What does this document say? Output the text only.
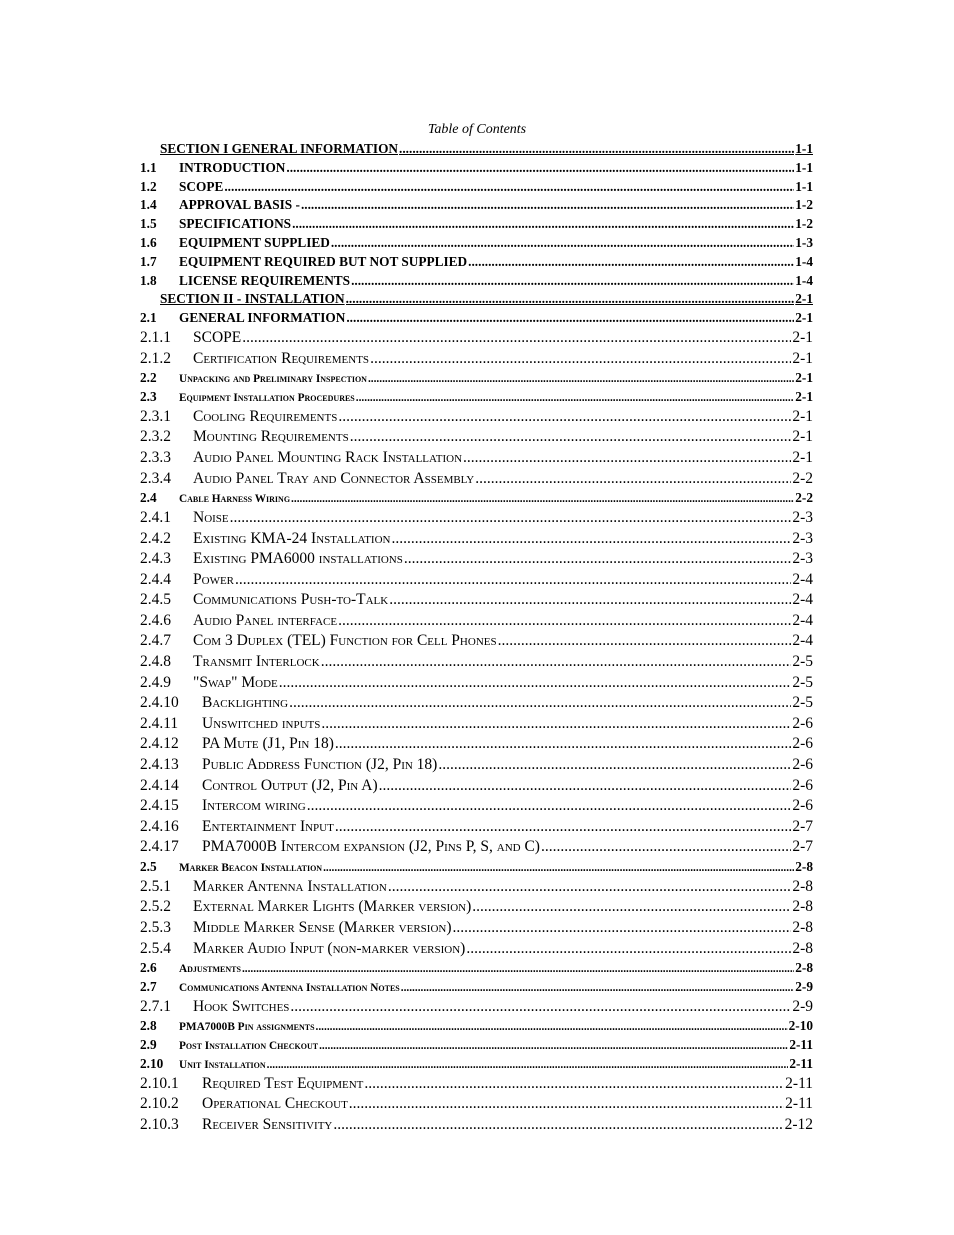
Table of Contents
SECTION I GENERAL INFORMATION .....	1-1
1.1	INTRODUCTION .....	1-1
1.2	SCOPE .....	1-1
1.4	APPROVAL BASIS - .....	1-2
1.5	SPECIFICATIONS .....	1-2
1.6	EQUIPMENT SUPPLIED .....	1-3
1.7	EQUIPMENT REQUIRED BUT NOT SUPPLIED .....	1-4
1.8	LICENSE REQUIREMENTS .....	1-4
SECTION II - INSTALLATION .....	2-1
2.1	GENERAL INFORMATION .....	2-1
2.1.1	SCOPE .....	2-1
2.1.2	Certification Requirements .....	2-1
2.2	Unpacking and Preliminary Inspection .....	2-1
2.3	Equipment Installation Procedures .....	2-1
2.3.1	Cooling Requirements .....	2-1
2.3.2	Mounting Requirements .....	2-1
2.3.3	Audio Panel Mounting Rack Installation .....	2-1
2.3.4	Audio Panel Tray and Connector Assembly .....	2-2
2.4	Cable Harness Wiring .....	2-2
2.4.1	Noise .....	2-3
2.4.2	Existing KMA-24 Installation .....	2-3
2.4.3	Existing PMA6000 installations .....	2-3
2.4.4	Power .....	2-4
2.4.5	Communications Push-to-Talk .....	2-4
2.4.6	Audio Panel interface .....	2-4
2.4.7	Com 3 Duplex (TEL) Function for Cell Phones .....	2-4
2.4.8	Transmit Interlock .....	2-5
2.4.9	"Swap" Mode .....	2-5
2.4.10	Backlighting .....	2-5
2.4.11	Unswitched inputs .....	2-6
2.4.12	PA Mute (J1, Pin 18) .....	2-6
2.4.13	Public Address Function (J2, Pin 18) .....	2-6
2.4.14	Control Output (J2, Pin A) .....	2-6
2.4.15	Intercom wiring .....	2-6
2.4.16	Entertainment Input .....	2-7
2.4.17	PMA7000B Intercom expansion (J2, Pins P, S, and C) .....	2-7
2.5	Marker Beacon Installation .....	2-8
2.5.1	Marker Antenna Installation .....	2-8
2.5.2	External Marker Lights (Marker version) .....	2-8
2.5.3	Middle Marker Sense (Marker version) .....	2-8
2.5.4	Marker Audio Input (non-marker version) .....	2-8
2.6	Adjustments .....	2-8
2.7	Communications Antenna Installation Notes .....	2-9
2.7.1	Hook Switches .....	2-9
2.8	PMA7000B Pin assignments .....	2-10
2.9	Post Installation Checkout .....	2-11
2.10	Unit Installation .....	2-11
2.10.1	Required Test Equipment .....	2-11
2.10.2	Operational Checkout .....	2-11
2.10.3	Receiver Sensitivity .....	2-12
